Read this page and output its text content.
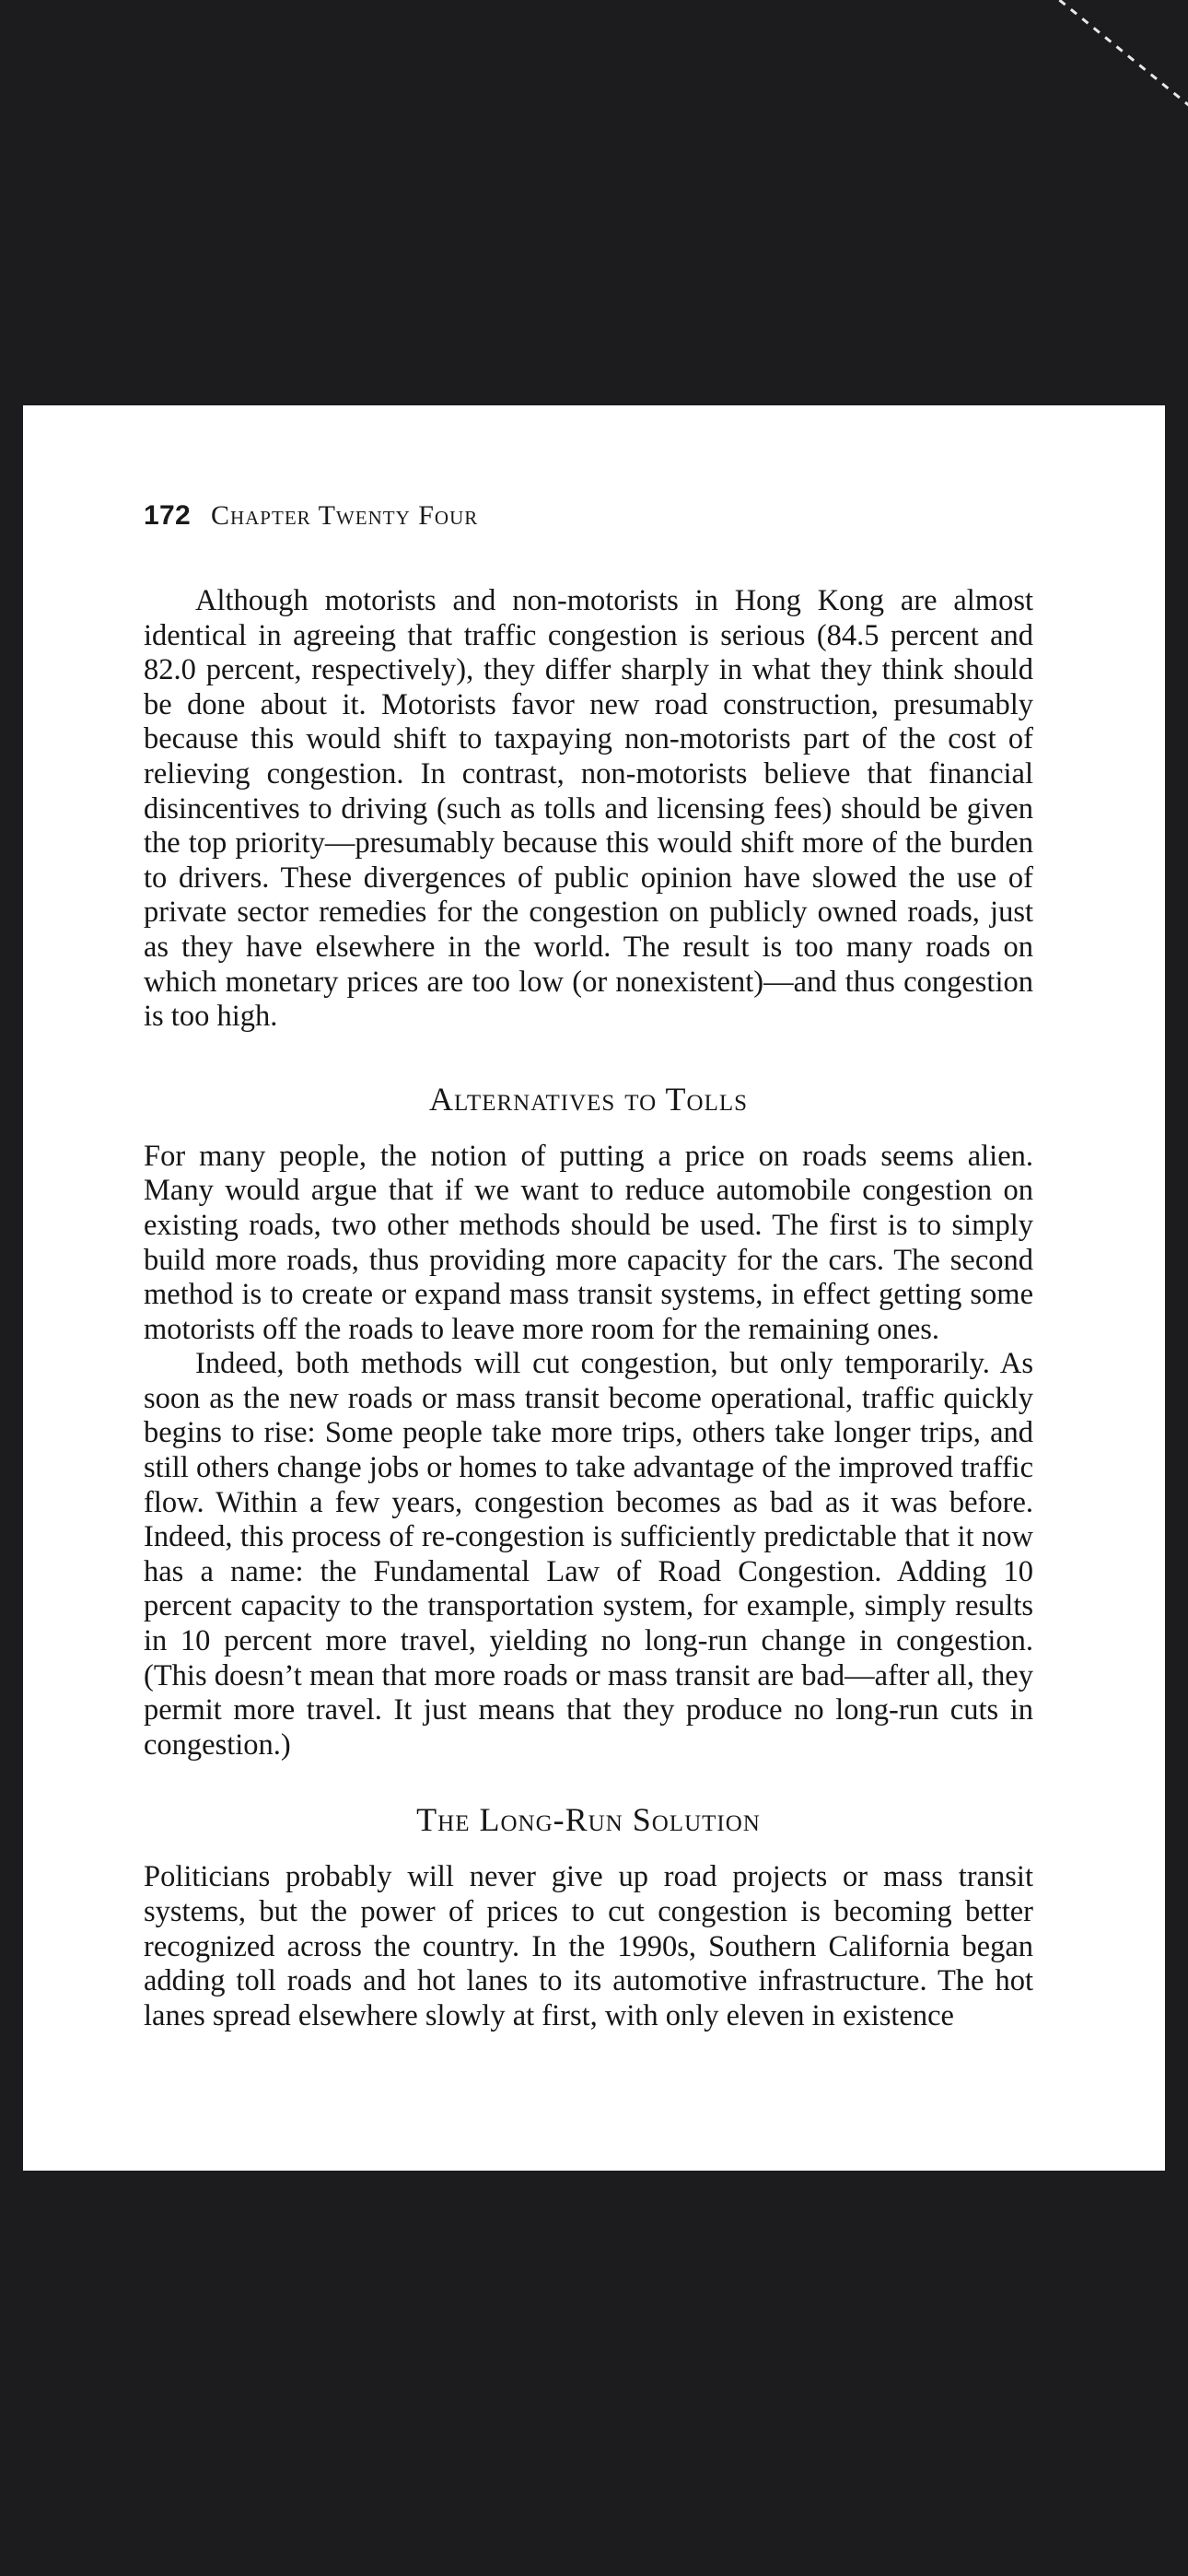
172 Chapter Twenty Four

Although motorists and non-motorists in Hong Kong are almost identical in agreeing that traffic congestion is serious (84.5 percent and 82.0 percent, respectively), they differ sharply in what they think should be done about it. Motorists favor new road construction, presumably because this would shift to taxpaying non-motorists part of the cost of relieving congestion. In contrast, non-motorists believe that financial disincentives to driving (such as tolls and licensing fees) should be given the top priority—presumably because this would shift more of the burden to drivers. These divergences of public opinion have slowed the use of private sector remedies for the congestion on publicly owned roads, just as they have elsewhere in the world. The result is too many roads on which monetary prices are too low (or nonexistent)—and thus congestion is too high.

Alternatives to Tolls

For many people, the notion of putting a price on roads seems alien. Many would argue that if we want to reduce automobile congestion on existing roads, two other methods should be used. The first is to simply build more roads, thus providing more capacity for the cars. The second method is to create or expand mass transit systems, in effect getting some motorists off the roads to leave more room for the remaining ones.

Indeed, both methods will cut congestion, but only temporarily. As soon as the new roads or mass transit become operational, traffic quickly begins to rise: Some people take more trips, others take longer trips, and still others change jobs or homes to take advantage of the improved traffic flow. Within a few years, congestion becomes as bad as it was before. Indeed, this process of re-congestion is sufficiently predictable that it now has a name: the Fundamental Law of Road Congestion. Adding 10 percent capacity to the transportation system, for example, simply results in 10 percent more travel, yielding no long-run change in congestion. (This doesn’t mean that more roads or mass transit are bad—after all, they permit more travel. It just means that they produce no long-run cuts in congestion.)

The Long-Run Solution

Politicians probably will never give up road projects or mass transit systems, but the power of prices to cut congestion is becoming better recognized across the country. In the 1990s, Southern California began adding toll roads and hot lanes to its automotive infrastructure. The hot lanes spread elsewhere slowly at first, with only eleven in existence
